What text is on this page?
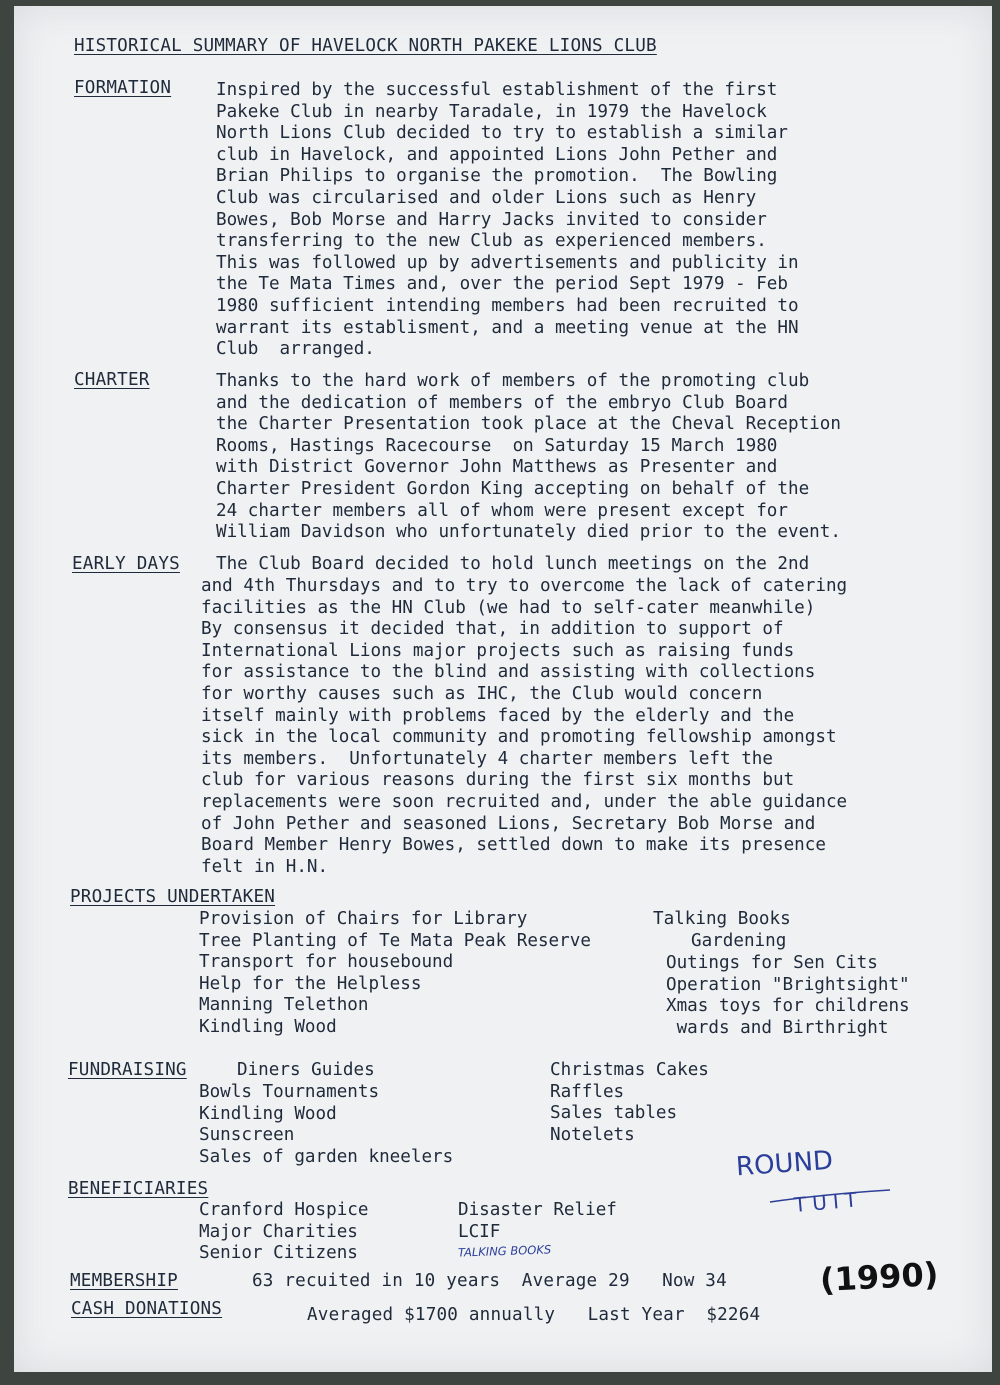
HISTORICAL SUMMARY OF HAVELOCK NORTH PAKEKE LIONS CLUB
FORMATION	Inspired by the successful establishment of the first
Pakeke Club in nearby Taradale, in 1979 the Havelock
North Lions Club decided to try to establish a similar
club in Havelock, and appointed Lions John Pether and
Brian Philips to organise the promotion.  The Bowling
Club was circularised and older Lions such as Henry
Bowes, Bob Morse and Harry Jacks invited to consider
transferring to the new Club as experienced members.
This was followed up by advertisements and publicity in
the Te Mata Times and, over the period Sept 1979 - Feb
1980 sufficient intending members had been recruited to
warrant its establisment, and a meeting venue at the HN
Club  arranged.
CHARTER	Thanks to the hard work of members of the promoting club
and the dedication of members of the embryo Club Board
the Charter Presentation took place at the Cheval Reception
Rooms, Hastings Racecourse  on Saturday 15 March 1980
with District Governor John Matthews as Presenter and
Charter President Gordon King accepting on behalf of the
24 charter members all of whom were present except for
William Davidson who unfortunately died prior to the event.
EARLY DAYS The Club Board decided to hold lunch meetings on the 2nd
and 4th Thursdays and to try to overcome the lack of catering
facilities as the HN Club (we had to self-cater meanwhile)
By consensus it decided that, in addition to support of
International Lions major projects such as raising funds
for assistance to the blind and assisting with collections
for worthy causes such as IHC, the Club would concern
itself mainly with problems faced by the elderly and the
sick in the local community and promoting fellowship amongst
its members.  Unfortunately 4 charter members left the
club for various reasons during the first six months but
replacements were soon recruited and, under the able guidance
of John Pether and seasoned Lions, Secretary Bob Morse and
Board Member Henry Bowes, settled down to make its presence
felt in H.N.
PROJECTS UNDERTAKEN
Provision of Chairs for Library
Tree Planting of Te Mata Peak Reserve
Transport for housebound
Help for the Helpless
Manning Telethon
Kindling Wood
Talking Books
Gardening
Outings for Sen Cits
Operation "Brightsight"
Xmas toys for childrens
wards and Birthright
FUNDRAISING	Diners Guides
Bowls Tournaments
Kindling Wood
Sunscreen
Sales of garden kneelers
Christmas Cakes
Raffles
Sales tables
Notelets
BENEFICIARIES
Cranford Hospice
Major Charities
Senior Citizens
Disaster Relief
LCIF
MEMBERSHIP	63 recuited in 10 years  Average 29   Now 34
CASH DONATIONS	Averaged $1700 annually   Last Year  $2264
ROUND
TUIT
TALKING BOOKS
(1990)
